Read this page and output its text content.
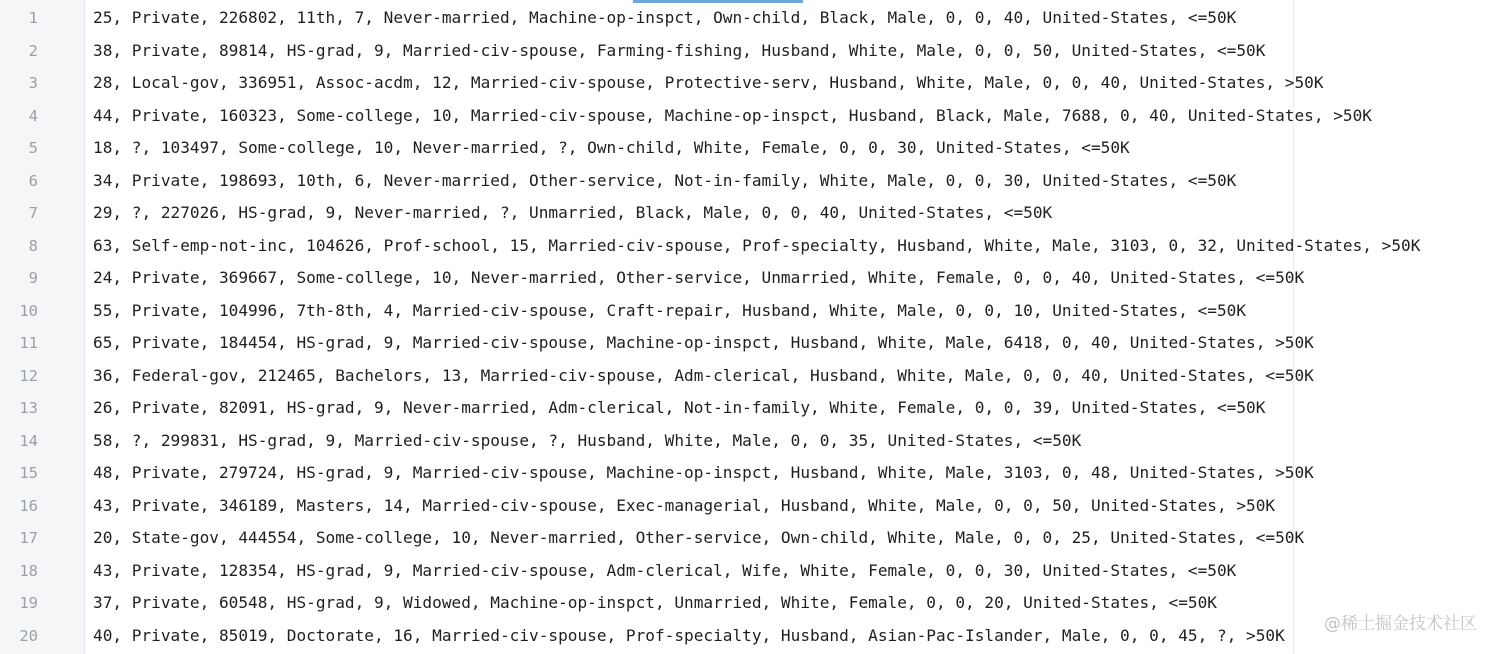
1	25, Private, 226802, 11th, 7, Never-married, Machine-op-inspct, Own-child, Black, Male, 0, 0, 40, United-States, <=50K
2	38, Private, 89814, HS-grad, 9, Married-civ-spouse, Farming-fishing, Husband, White, Male, 0, 0, 50, United-States, <=50K
3	28, Local-gov, 336951, Assoc-acdm, 12, Married-civ-spouse, Protective-serv, Husband, White, Male, 0, 0, 40, United-States, >50K
4	44, Private, 160323, Some-college, 10, Married-civ-spouse, Machine-op-inspct, Husband, Black, Male, 7688, 0, 40, United-States, >50K
5	18, ?, 103497, Some-college, 10, Never-married, ?, Own-child, White, Female, 0, 0, 30, United-States, <=50K
6	34, Private, 198693, 10th, 6, Never-married, Other-service, Not-in-family, White, Male, 0, 0, 30, United-States, <=50K
7	29, ?, 227026, HS-grad, 9, Never-married, ?, Unmarried, Black, Male, 0, 0, 40, United-States, <=50K
8	63, Self-emp-not-inc, 104626, Prof-school, 15, Married-civ-spouse, Prof-specialty, Husband, White, Male, 3103, 0, 32, United-States, >50K
9	24, Private, 369667, Some-college, 10, Never-married, Other-service, Unmarried, White, Female, 0, 0, 40, United-States, <=50K
10	55, Private, 104996, 7th-8th, 4, Married-civ-spouse, Craft-repair, Husband, White, Male, 0, 0, 10, United-States, <=50K
11	65, Private, 184454, HS-grad, 9, Married-civ-spouse, Machine-op-inspct, Husband, White, Male, 6418, 0, 40, United-States, >50K
12	36, Federal-gov, 212465, Bachelors, 13, Married-civ-spouse, Adm-clerical, Husband, White, Male, 0, 0, 40, United-States, <=50K
13	26, Private, 82091, HS-grad, 9, Never-married, Adm-clerical, Not-in-family, White, Female, 0, 0, 39, United-States, <=50K
14	58, ?, 299831, HS-grad, 9, Married-civ-spouse, ?, Husband, White, Male, 0, 0, 35, United-States, <=50K
15	48, Private, 279724, HS-grad, 9, Married-civ-spouse, Machine-op-inspct, Husband, White, Male, 3103, 0, 48, United-States, >50K
16	43, Private, 346189, Masters, 14, Married-civ-spouse, Exec-managerial, Husband, White, Male, 0, 0, 50, United-States, >50K
17	20, State-gov, 444554, Some-college, 10, Never-married, Other-service, Own-child, White, Male, 0, 0, 25, United-States, <=50K
18	43, Private, 128354, HS-grad, 9, Married-civ-spouse, Adm-clerical, Wife, White, Female, 0, 0, 30, United-States, <=50K
19	37, Private, 60548, HS-grad, 9, Widowed, Machine-op-inspct, Unmarried, White, Female, 0, 0, 20, United-States, <=50K
20	40, Private, 85019, Doctorate, 16, Married-civ-spouse, Prof-specialty, Husband, Asian-Pac-Islander, Male, 0, 0, 45, ?, >50K
@稀土掘金技术社区
